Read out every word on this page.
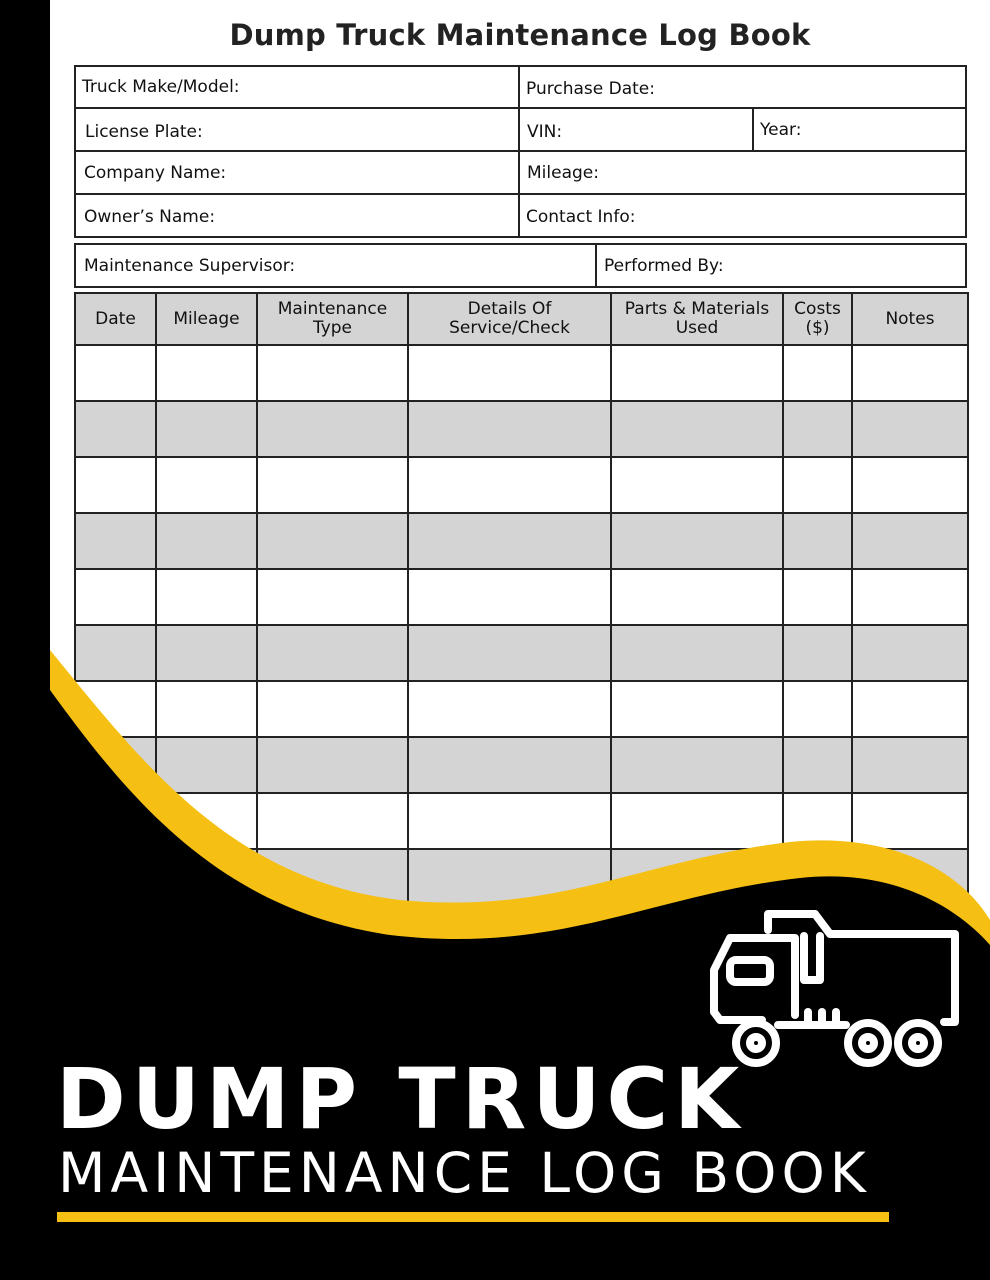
Dump Truck Maintenance Log Book
Truck Make/Model:	Purchase Date:
License Plate:	VIN:	Year:
Company Name:	Mileage:
Owner’s Name:	Contact Info:
Maintenance Supervisor:	Performed By:
Date	Mileage	Maintenance Type	Details Of Service/Check	Parts & Materials Used	Costs ($)	Notes

DUMP TRUCK
MAINTENANCE LOG BOOK
